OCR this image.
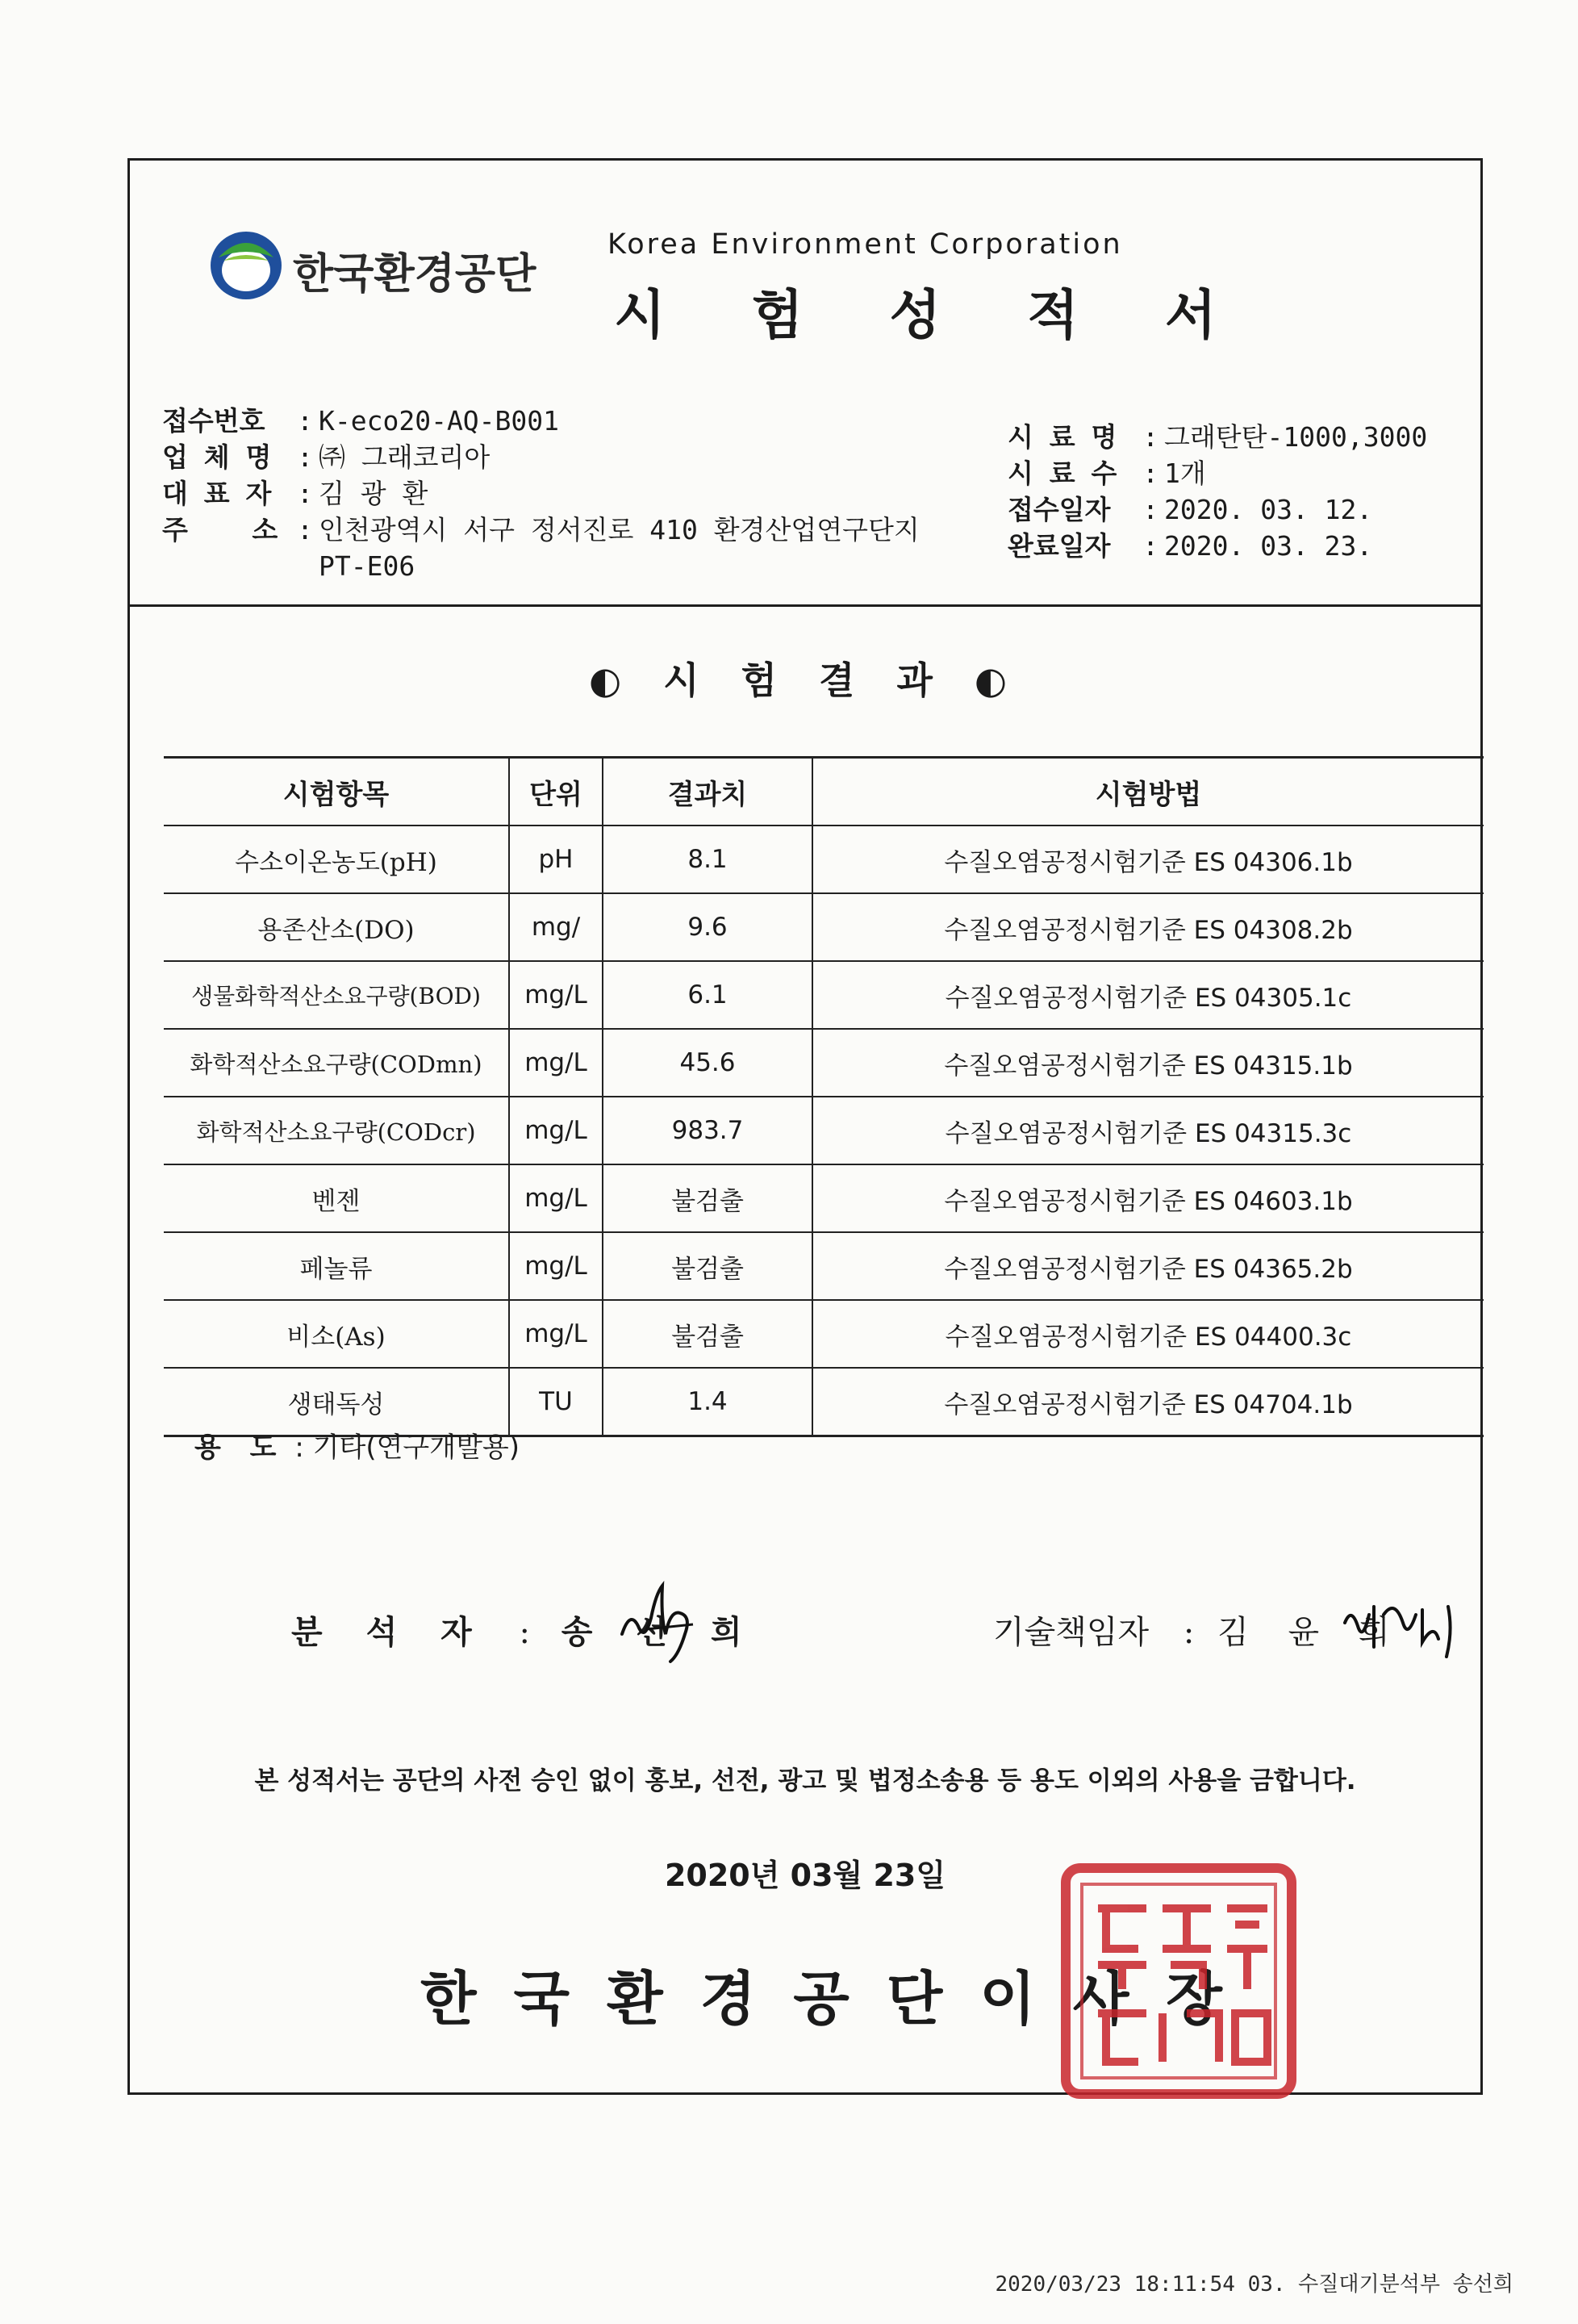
한국환경공단
Korea Environment Corporation
시 험 성 적 서
접수번호	: K-eco20-AQ-B001
업 체 명 : ㈜ 그래코리아
대 표 자 : 김 광 환
주    소 : 인천광역시 서구 정서진로 410 환경산업연구단지
PT-E06
시 료 명 : 그래탄탄-1000,3000
시 료 수 : 1개
접수일자	: 2020. 03. 12.
완료일자	: 2020. 03. 23.
◐ 시 험 결 과 ◐
시험항목	단위	결과치	시험방법
수소이온농도(pH)	pH	8.1	수질오염공정시험기준 ES 04306.1b
용존산소(DO)	mg/	9.6	수질오염공정시험기준 ES 04308.2b
생물화학적산소요구량(BOD)	mg/L	6.1	수질오염공정시험기준 ES 04305.1c
화학적산소요구량(CODmn)	mg/L	45.6	수질오염공정시험기준 ES 04315.1b
화학적산소요구량(CODcr)	mg/L	983.7	수질오염공정시험기준 ES 04315.3c
벤젠	mg/L	불검출	수질오염공정시험기준 ES 04603.1b
페놀류	mg/L	불검출	수질오염공정시험기준 ES 04365.2b
비소(As)	mg/L	불검출	수질오염공정시험기준 ES 04400.3c
생태독성	TU	1.4	수질오염공정시험기준 ES 04704.1b
용 도 : 기타(연구개발용)
분 석 자 : 송 선 희	기술책임자 : 김 윤 희
본 성적서는 공단의 사전 승인 없이 홍보, 선전, 광고 및 법정소송용 등 용도 이외의 사용을 금합니다.
2020년 03월 23일
한국환경공단이사장
2020/03/23 18:11:54 03. 수질대기분석부 송선희
